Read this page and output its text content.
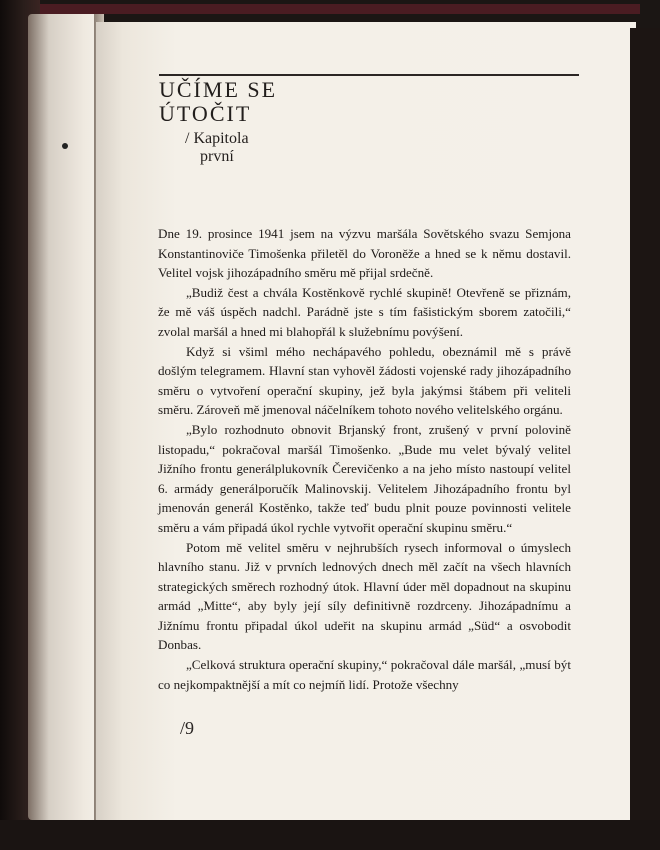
UČÍME SE
ÚTOČIT
/ Kapitola
první

Dne 19. prosince 1941 jsem na výzvu maršála Sovětského svazu Semjona Konstantinoviče Timošenka přiletěl do Voroněže a hned se k němu dostavil. Velitel vojsk jihozápadního směru mě přijal srdečně.

„Budiž čest a chvála Kostěnkově rychlé skupině! Otevřeně se přiznám, že mě váš úspěch nadchl. Parádně jste s tím fašistickým sborem zatočili,“ zvolal maršál a hned mi blahopřál k služebnímu povýšení.

Když si všiml mého nechápavého pohledu, obeznámil mě s právě došlým telegramem. Hlavní stan vyhověl žádosti vojenské rady jihozápadního směru o vytvoření operační skupiny, jež byla jakýmsi štábem při veliteli směru. Zároveň mě jmenoval náčelníkem tohoto nového velitelského orgánu.

„Bylo rozhodnuto obnovit Brjanský front, zrušený v první polovině listopadu,“ pokračoval maršál Timošenko. „Bude mu velet bývalý velitel Jižního frontu generálplukovník Čerevičenko a na jeho místo nastoupí velitel 6. armády generálporučík Malinovskij. Velitelem Jihozápadního frontu byl jmenován generál Kostěnko, takže teď budu plnit pouze povinnosti velitele směru a vám připadá úkol rychle vytvořit operační skupinu směru.“

Potom mě velitel směru v nejhrubších rysech informoval o úmyslech hlavního stanu. Již v prvních lednových dnech měl začít na všech hlavních strategických směrech rozhodný útok. Hlavní úder měl dopadnout na skupinu armád „Mitte“, aby byly její síly definitivně rozdrceny. Jihozápadnímu a Jižnímu frontu připadal úkol udeřit na skupinu armád „Süd“ a osvobodit Donbas.

„Celková struktura operační skupiny,“ pokračoval dále maršál, „musí být co nejkompaktnější a mít co nejmíň lidí. Protože všechny

/9
